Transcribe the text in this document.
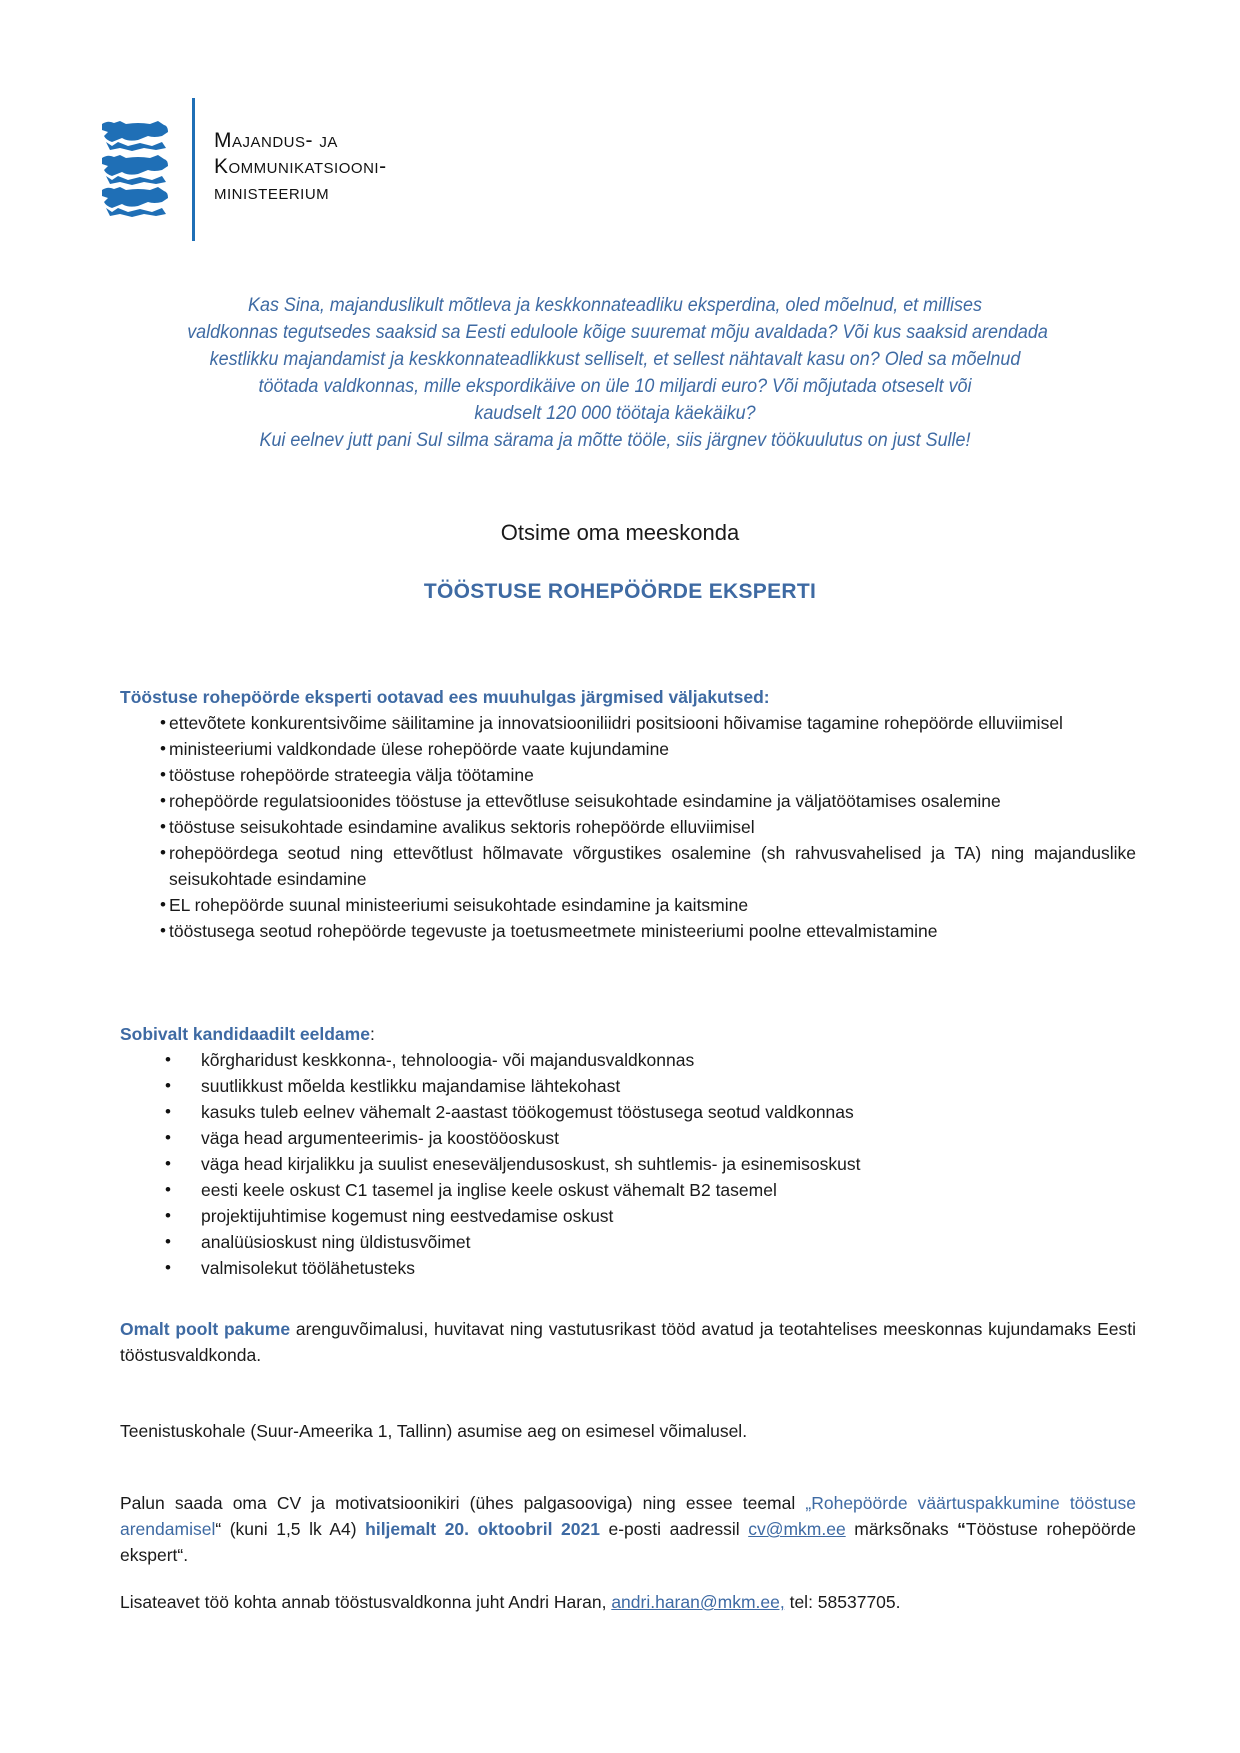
Majandus- ja
Kommunikatsiooni-
ministeerium
Kas Sina, majanduslikult mõtleva ja keskkonnateadliku eksperdina, oled mõelnud, et millises
valdkonnas tegutsedes saaksid sa Eesti eduloole kõige suuremat mõju avaldada? Või kus saaksid arendada
kestlikku majandamist ja keskkonnateadlikkust selliselt, et sellest nähtavalt kasu on? Oled sa mõelnud
töötada valdkonnas, mille ekspordikäive on üle 10 miljardi euro? Või mõjutada otseselt või
kaudselt 120 000 töötaja käekäiku?
Kui eelnev jutt pani Sul silma särama ja mõtte tööle, siis järgnev töökuulutus on just Sulle!
Otsime oma meeskonda
TÖÖSTUSE ROHEPÖÖRDE EKSPERTI
Tööstuse rohepöörde eksperti ootavad ees muuhulgas järgmised väljakutsed:
• ettevõtete konkurentsivõime säilitamine ja innovatsiooniliidri positsiooni hõivamise tagamine rohepöörde elluviimisel
• ministeeriumi valdkondade ülese rohepöörde vaate kujundamine
• tööstuse rohepöörde strateegia välja töötamine
• rohepöörde regulatsioonides tööstuse ja ettevõtluse seisukohtade esindamine ja väljatöötamises osalemine
• tööstuse seisukohtade esindamine avalikus sektoris rohepöörde elluviimisel
• rohepöördega seotud ning ettevõtlust hõlmavate võrgustikes osalemine (sh rahvusvahelised ja TA) ning majanduslike seisukohtade esindamine
• EL rohepöörde suunal ministeeriumi seisukohtade esindamine ja kaitsmine
• tööstusega seotud rohepöörde tegevuste ja toetusmeetmete ministeeriumi poolne ettevalmistamine
Sobivalt kandidaadilt eeldame:
• kõrgharidust keskkonna-, tehnoloogia- või majandusvaldkonnas
• suutlikkust mõelda kestlikku majandamise lähtekohast
• kasuks tuleb eelnev vähemalt 2-aastast töökogemust tööstusega seotud valdkonnas
• väga head argumenteerimis- ja koostööoskust
• väga head kirjalikku ja suulist eneseväljendusoskust, sh suhtlemis- ja esinemisoskust
• eesti keele oskust C1 tasemel ja inglise keele oskust vähemalt B2 tasemel
• projektijuhtimise kogemust ning eestvedamise oskust
• analüüsioskust ning üldistusvõimet
• valmisolekut töölähetusteks
Omalt poolt pakume arenguvõimalusi, huvitavat ning vastutusrikast tööd avatud ja teotahtelises meeskonnas kujundamaks Eesti tööstusvaldkonda.
Teenistuskohale (Suur-Ameerika 1, Tallinn) asumise aeg on esimesel võimalusel.
Palun saada oma CV ja motivatsioonikiri (ühes palgasooviga) ning essee teemal „Rohepöörde väärtuspakkumine tööstuse arendamisel“ (kuni 1,5 lk A4) hiljemalt 20. oktoobril 2021 e-posti aadressil cv@mkm.ee märksõnaks “Tööstuse rohepöörde ekspert“.
Lisateavet töö kohta annab tööstusvaldkonna juht Andri Haran, andri.haran@mkm.ee, tel: 58537705.
